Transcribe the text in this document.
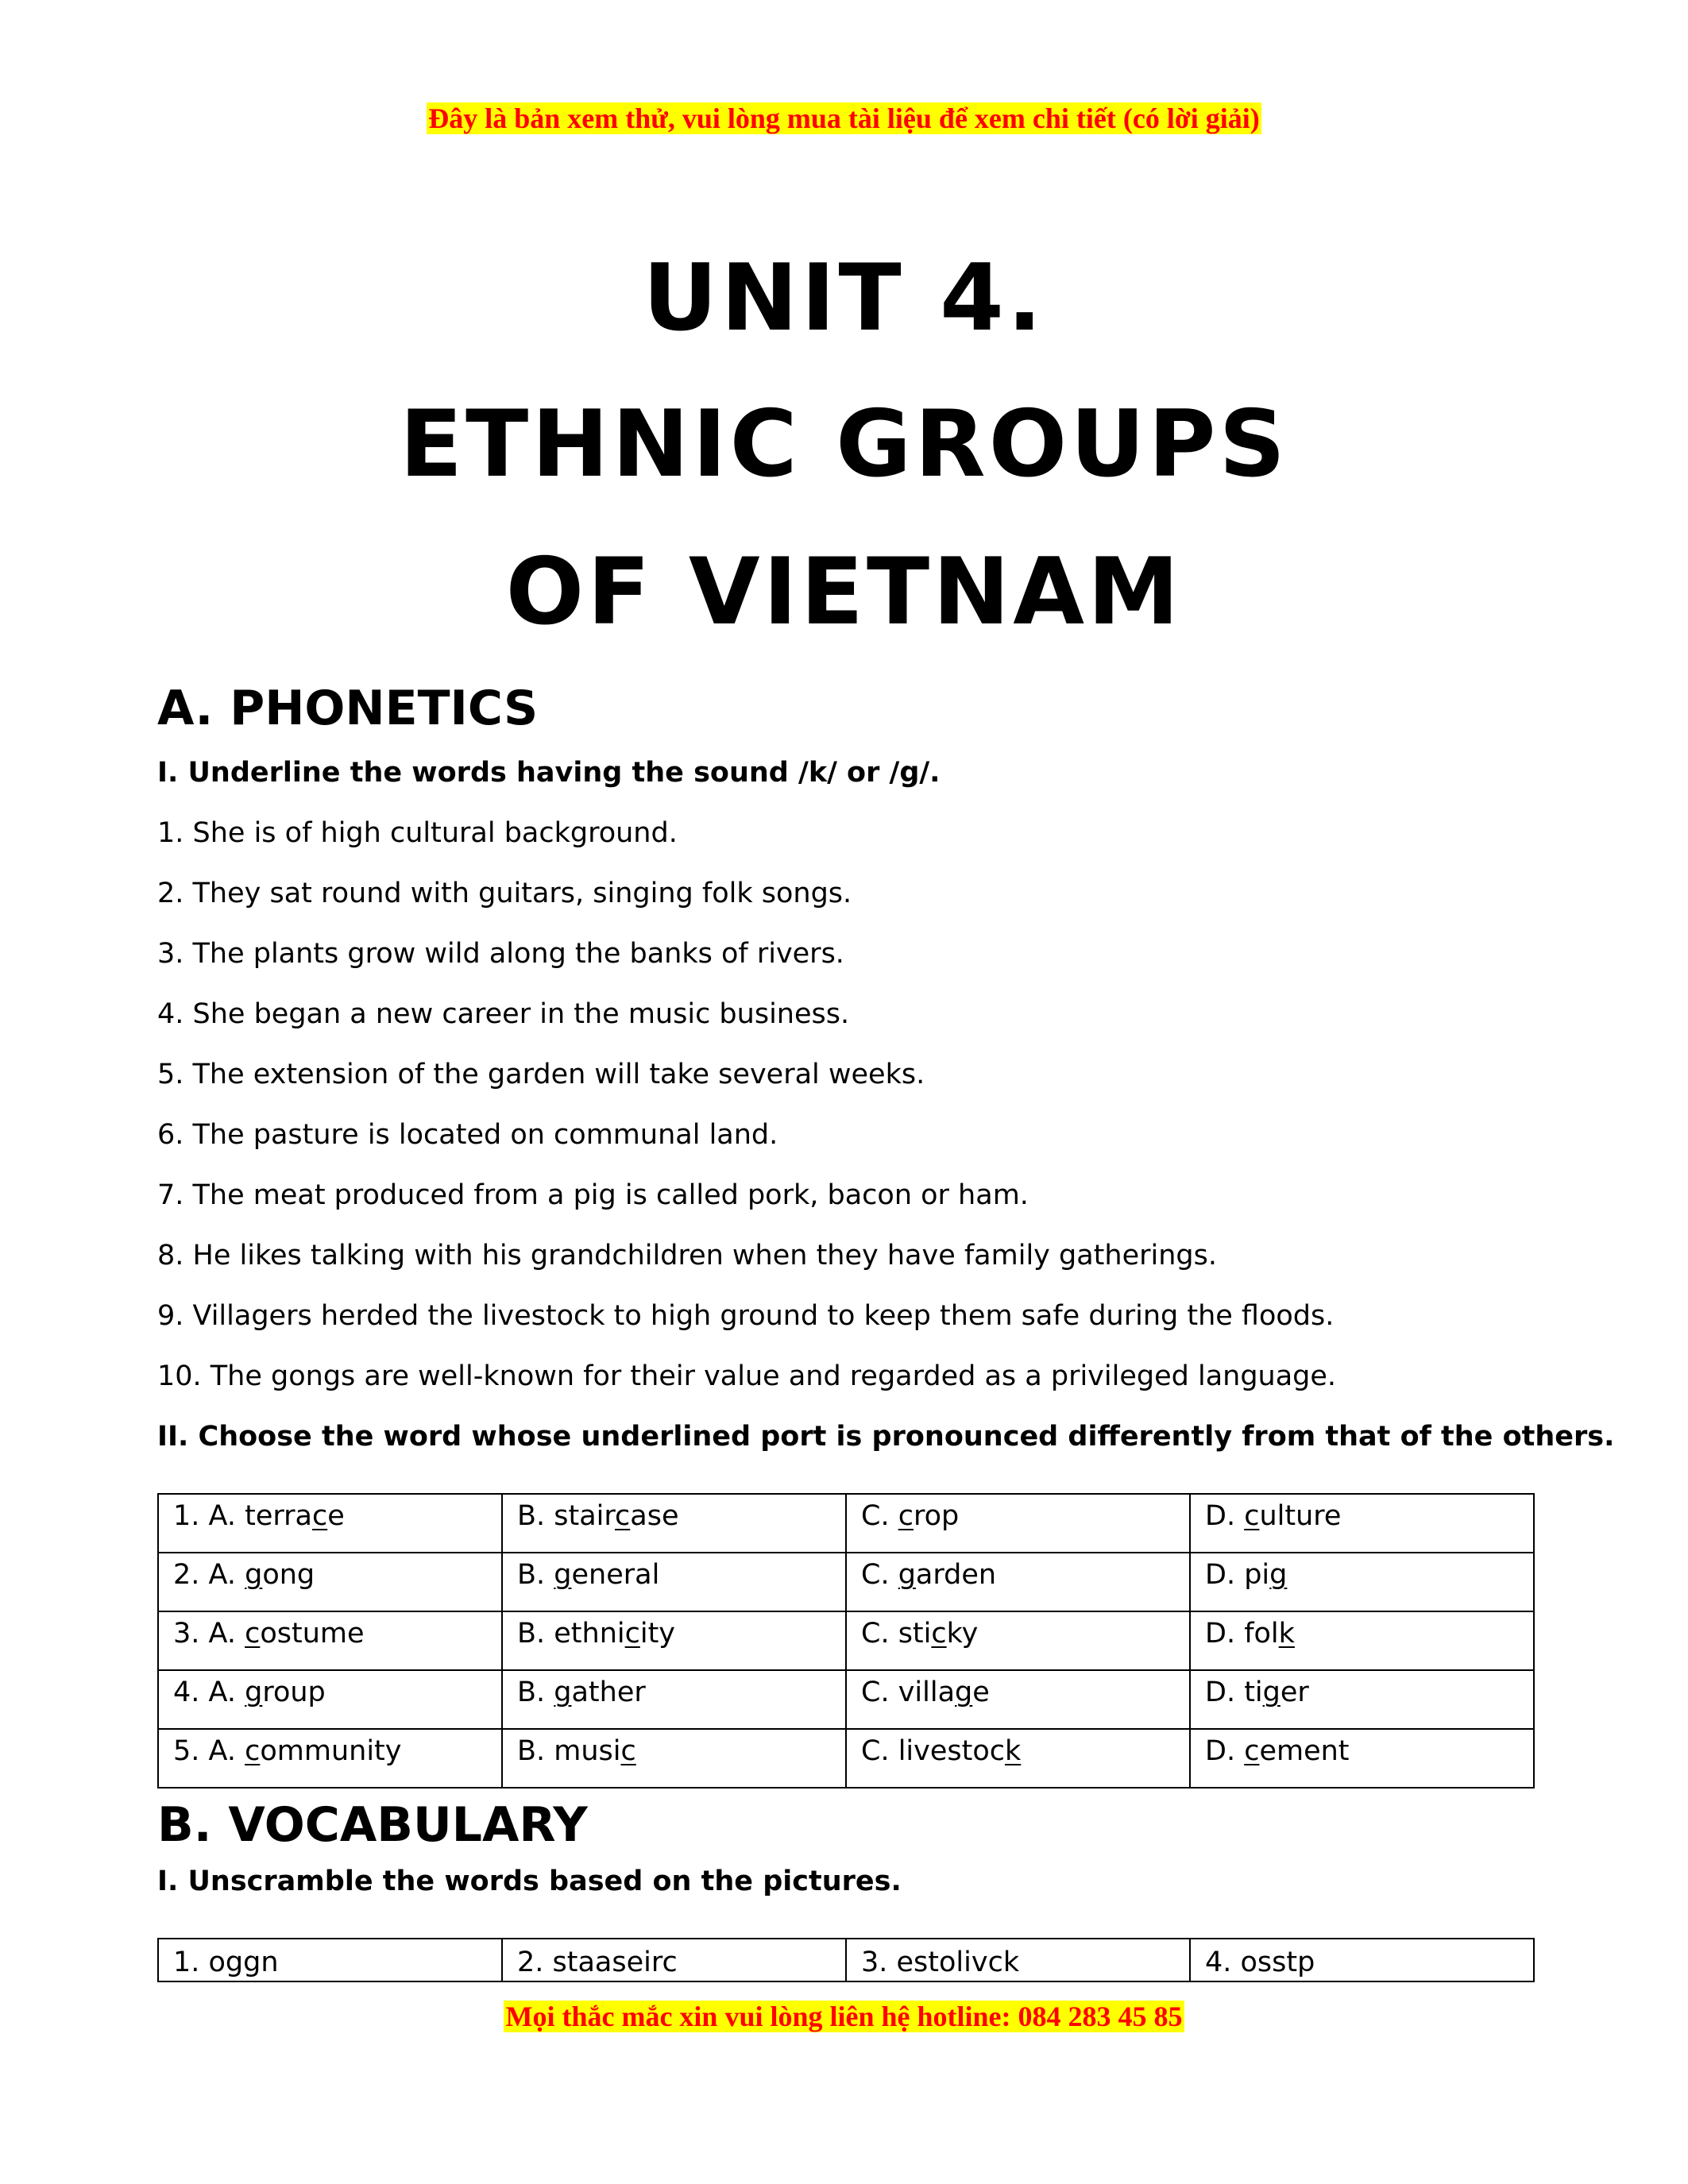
Đây là bản xem thử, vui lòng mua tài liệu để xem chi tiết (có lời giải)
UNIT 4.
ETHNIC GROUPS
OF VIETNAM
A. PHONETICS
I. Underline the words having the sound /k/ or /g/.
1. She is of high cultural background.
2. They sat round with guitars, singing folk songs.
3. The plants grow wild along the banks of rivers.
4. She began a new career in the music business.
5. The extension of the garden will take several weeks.
6. The pasture is located on communal land.
7. The meat produced from a pig is called pork, bacon or ham.
8. He likes talking with his grandchildren when they have family gatherings.
9. Villagers herded the livestock to high ground to keep them safe during the floods.
10. The gongs are well-known for their value and regarded as a privileged language.
II. Choose the word whose underlined port is pronounced differently from that of the others.
1. A. terrace	B. staircase	C. crop	D. culture
2. A. gong	B. general	C. garden	D. pig
3. A. costume	B. ethnicity	C. sticky	D. folk
4. A. group	B. gather	C. village	D. tiger
5. A. community	B. music	C. livestock	D. cement
B. VOCABULARY
I. Unscramble the words based on the pictures.
1. oggn	2. staaseirc	3. estolivck	4. osstp
Mọi thắc mắc xin vui lòng liên hệ hotline: 084 283 45 85
